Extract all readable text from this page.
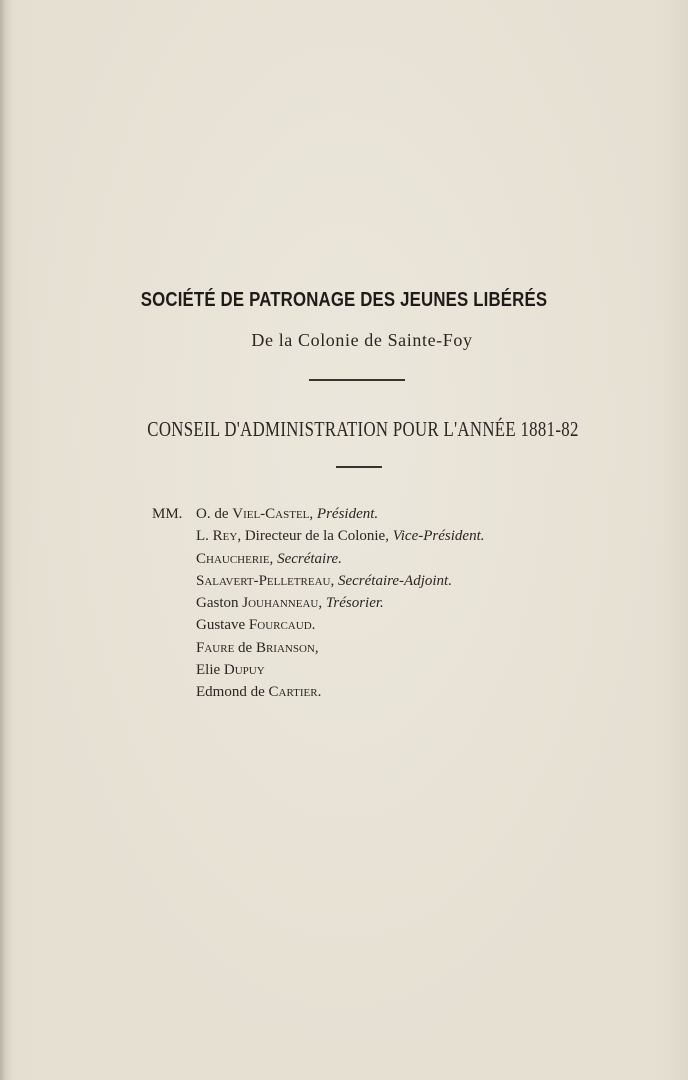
SOCIÉTÉ DE PATRONAGE DES JEUNES LIBÉRÉS
De la Colonie de Sainte-Foy
CONSEIL D'ADMINISTRATION POUR L'ANNÉE 1881-82
MM. O. de Viel-Castel, Président.
L. Rey, Directeur de la Colonie, Vice-Président.
Chaucherie, Secrétaire.
Salavert-Pelletreau, Secrétaire-Adjoint.
Gaston Jouhanneau, Trésorier.
Gustave Fourcaud.
Faure de Brianson,
Elie Dupuy
Edmond de Cartier.
